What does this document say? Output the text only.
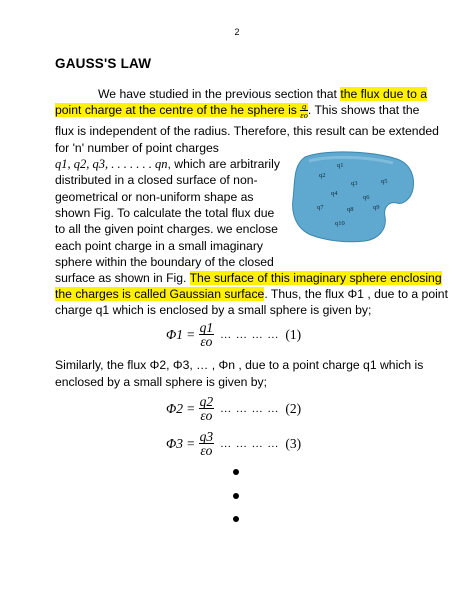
2
GAUSS'S LAW
We have studied in the previous section that the flux due to a
point charge at the centre of the he sphere is $\frac{q}{\varepsilon o}$ . This shows that the
flux is independent of the radius. Therefore, this result can be extended
for 'n' number of point charges
q1, q2, q3, . . . . . . . qn, which are arbitrarily
distributed in a closed surface of non-
geometrical or non-uniform shape as
shown Fig. To calculate the total flux due
to all the given point charges. we enclose
each point charge in a small imaginary
sphere within the boundary of the closed
surface as shown in Fig. The surface of this imaginary sphere enclosing
the charges is called Gaussian surface. Thus, the flux Φ1 , due to a point
charge q1 which is enclosed by a small sphere is given by;
$\Phi 1 = \frac{q1}{\varepsilon o}$ … … … … (1)
Similarly, the flux Φ2, Φ3, … , Φn , due to a point charge q1 which is
enclosed by a small sphere is given by;
$\Phi 2 = \frac{q2}{\varepsilon o}$ … … … … (2)
$\Phi 3 = \frac{q3}{\varepsilon o}$ … … … … (3)
q1
q2
q3
q4
q5
q6
q7	q8	q9
q10
